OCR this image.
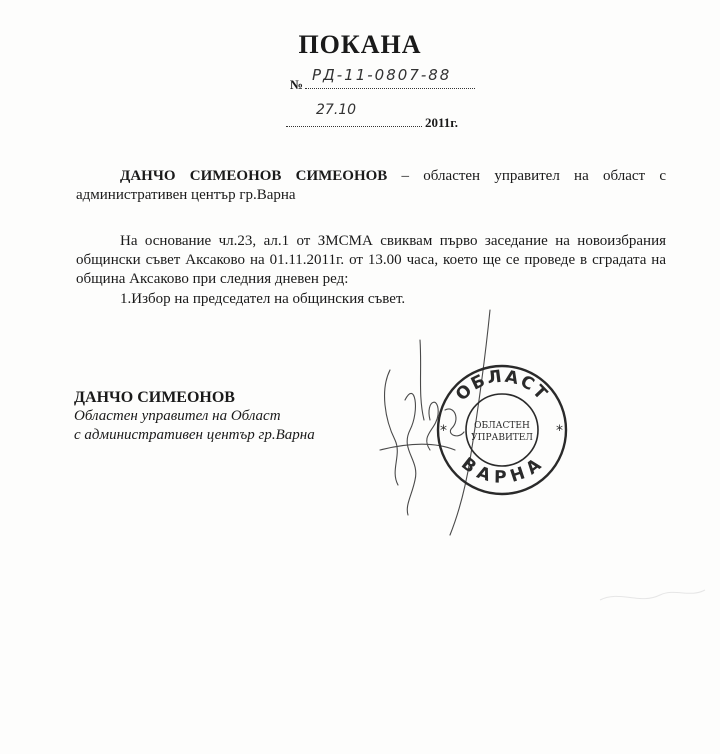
ПОКАНА
№
РД-11-0807-88
2011г.
27.10
ДАНЧО СИМЕОНОВ СИМЕОНОВ – областен управител на област с административен център гр.Варна
На основание чл.23, ал.1 от ЗМСМА свиквам първо заседание на новоизбрания общински съвет Аксаково на 01.11.2011г. от 13.00 часа, което ще се проведе в сградата на община Аксаково при следния дневен ред:
1.Избор на председател на общинския съвет.
ДАНЧО СИМЕОНОВ
Областен управител на Област
с административен център гр.Варна
ОБЛАСТ
ВАРНА
*	*
ОБЛАСТЕН
УПРАВИТЕЛ
